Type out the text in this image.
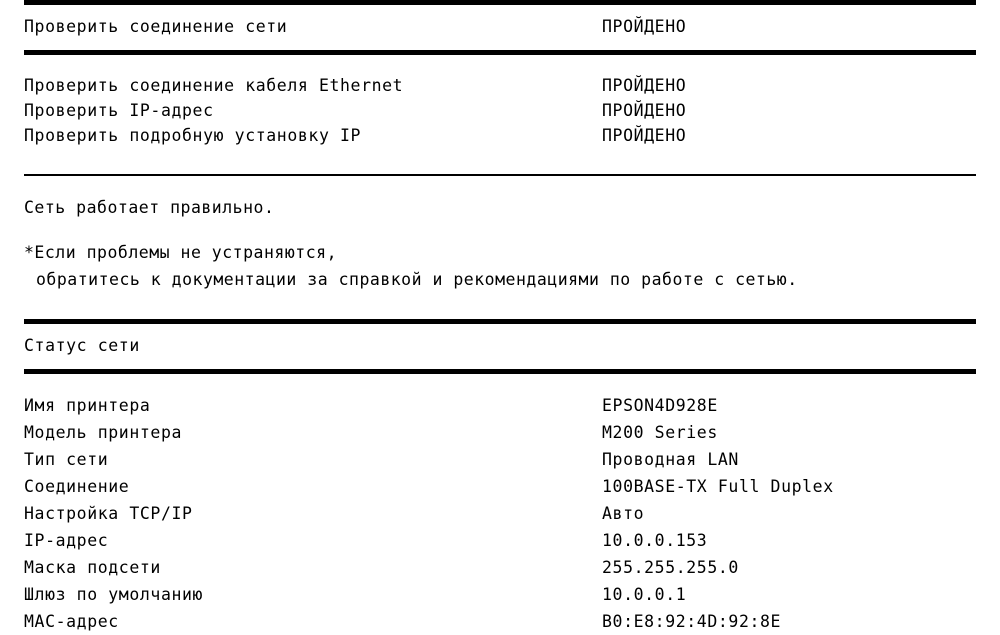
Проверить соединение сети	ПРОЙДЕНО
Проверить соединение кабеля Ethernet	ПРОЙДЕНО
Проверить IP-адрес	ПРОЙДЕНО
Проверить подробную установку IP	ПРОЙДЕНО
Сеть работает правильно.
*Если проблемы не устраняются,
обратитесь к документации за справкой и рекомендациями по работе с сетью.
Статус сети
Имя принтера	EPSON4D928E
Модель принтера	M200 Series
Тип сети	Проводная LAN
Соединение	100BASE-TX Full Duplex
Настройка TCP/IP	Авто
IP-адрес	10.0.0.153
Маска подсети	255.255.255.0
Шлюз по умолчанию	10.0.0.1
MAC-адрес	B0:E8:92:4D:92:8E
